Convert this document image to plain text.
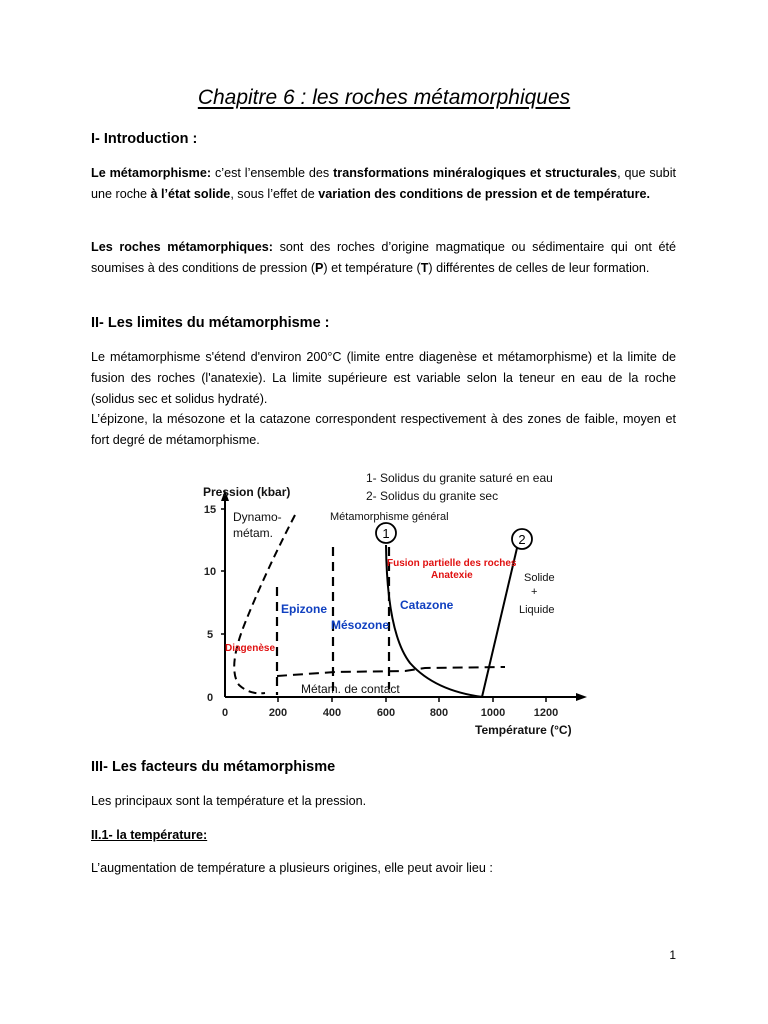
Chapitre 6 : les roches métamorphiques
I- Introduction :
Le métamorphisme: c’est l’ensemble des transformations minéralogiques et structurales, que subit une roche à l’état solide, sous l’effet de variation des conditions de pression et de température.
Les roches métamorphiques: sont des roches d’origine magmatique ou sédimentaire qui ont été soumises à des conditions de pression (P) et température (T) différentes de celles de leur formation.
II- Les limites du métamorphisme :
Le métamorphisme s'étend d'environ 200°C (limite entre diagenèse et métamorphisme) et la limite de fusion des roches (l'anatexie). La limite supérieure est variable selon la teneur en eau de la roche (solidus sec et solidus hydraté).
L’épizone, la mésozone et la catazone correspondent respectivement à des zones de faible, moyen et fort degré de métamorphisme.
15
10
5
0
0	200	400	600	800	1000	1200
Pression (kbar)
Température (°C)
1- Solidus du granite saturé en eau
2- Solidus du granite sec
Métamorphisme général
Dynamo-
métam.
Métam. de contact
Solide
+
Liquide
1	2
Fusion partielle des roches
Anatexie
Diagenèse
Epizone
Mésozone
Catazone
III- Les facteurs du métamorphisme
Les principaux sont la température et la pression.
II.1- la température:
L’augmentation de température a plusieurs origines, elle peut avoir lieu :
1
